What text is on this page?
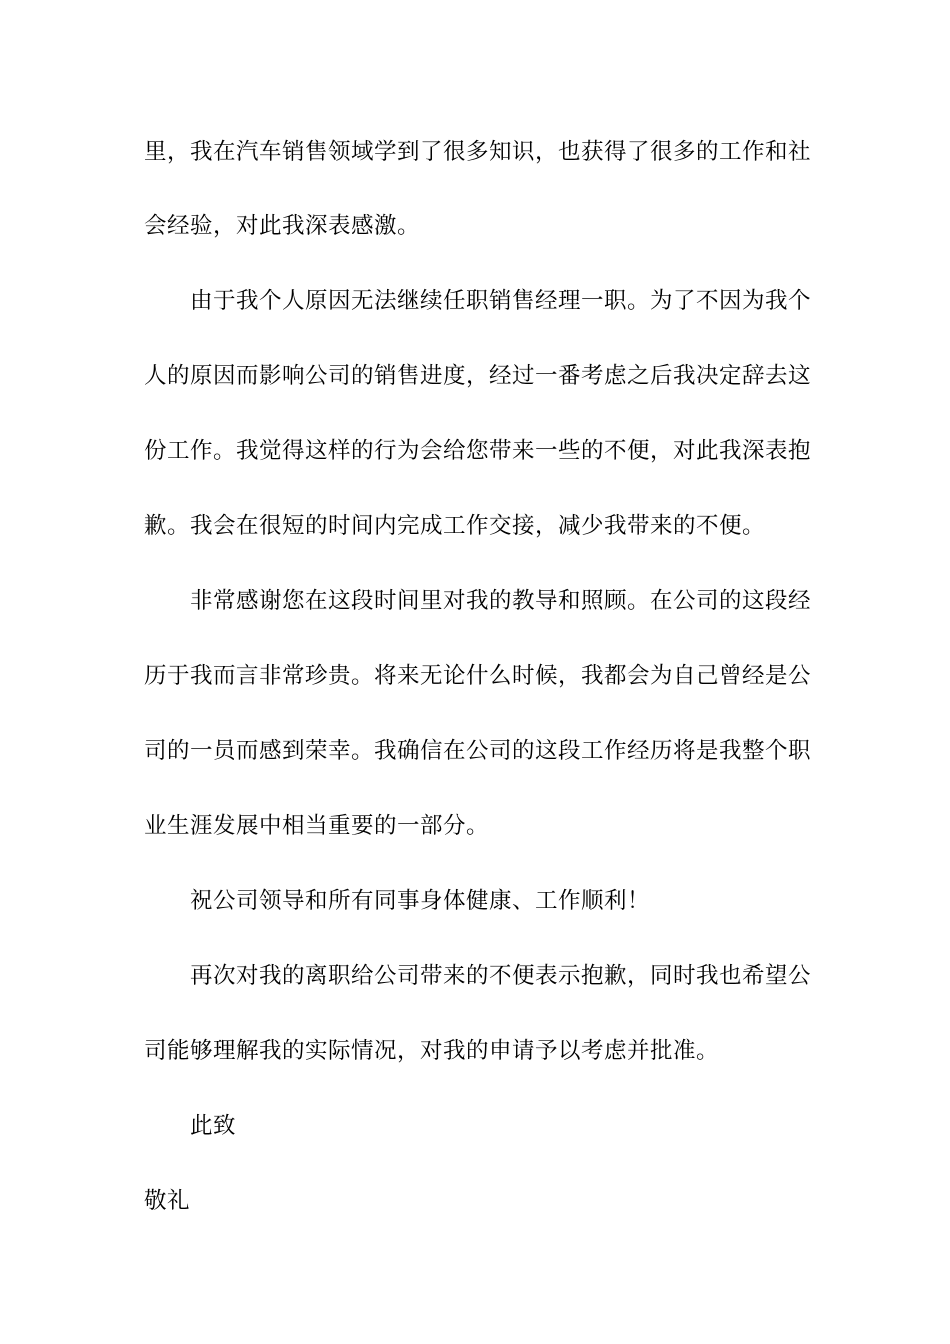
里，我在汽车销售领域学到了很多知识，也获得了很多的工作和社
会经验，对此我深表感激。
由于我个人原因无法继续任职销售经理一职。为了不因为我个
人的原因而影响公司的销售进度，经过一番考虑之后我决定辞去这
份工作。我觉得这样的行为会给您带来一些的不便，对此我深表抱
歉。我会在很短的时间内完成工作交接，减少我带来的不便。
非常感谢您在这段时间里对我的教导和照顾。在公司的这段经
历于我而言非常珍贵。将来无论什么时候，我都会为自己曾经是公
司的一员而感到荣幸。我确信在公司的这段工作经历将是我整个职
业生涯发展中相当重要的一部分。
祝公司领导和所有同事身体健康、工作顺利！
再次对我的离职给公司带来的不便表示抱歉，同时我也希望公
司能够理解我的实际情况，对我的申请予以考虑并批准。
此致
敬礼
